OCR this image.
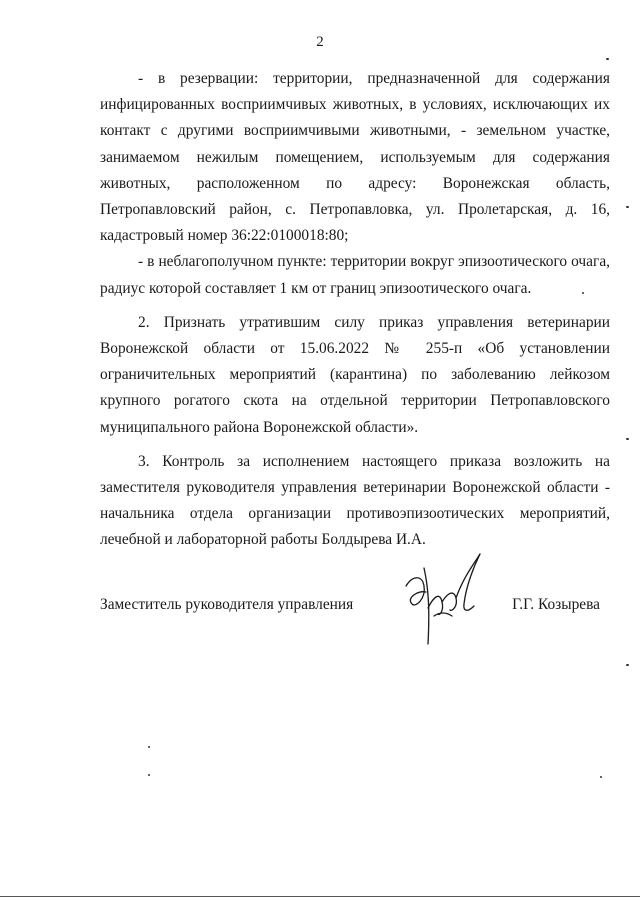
2

- в резервации: территории, предназначенной для содержания инфицированных восприимчивых животных, в условиях, исключающих их контакт с другими восприимчивыми животными, - земельном участке, занимаемом нежилым помещением, используемым для содержания животных, расположенном по адресу: Воронежская область, Петропавловский район, с. Петропавловка, ул. Пролетарская, д. 16, кадастровый номер 36:22:0100018:80;

- в неблагополучном пункте: территории вокруг эпизоотического очага, радиус которой составляет 1 км от границ эпизоотического очага.

2. Признать утратившим силу приказ управления ветеринарии Воронежской области от 15.06.2022 № 255-п «Об установлении ограничительных мероприятий (карантина) по заболеванию лейкозом крупного рогатого скота на отдельной территории Петропавловского муниципального района Воронежской области».

3. Контроль за исполнением настоящего приказа возложить на заместителя руководителя управления ветеринарии Воронежской области - начальника отдела организации противоэпизоотических мероприятий, лечебной и лабораторной работы Болдырева И.А.

Заместитель руководителя управления	Г.Г. Козырева
